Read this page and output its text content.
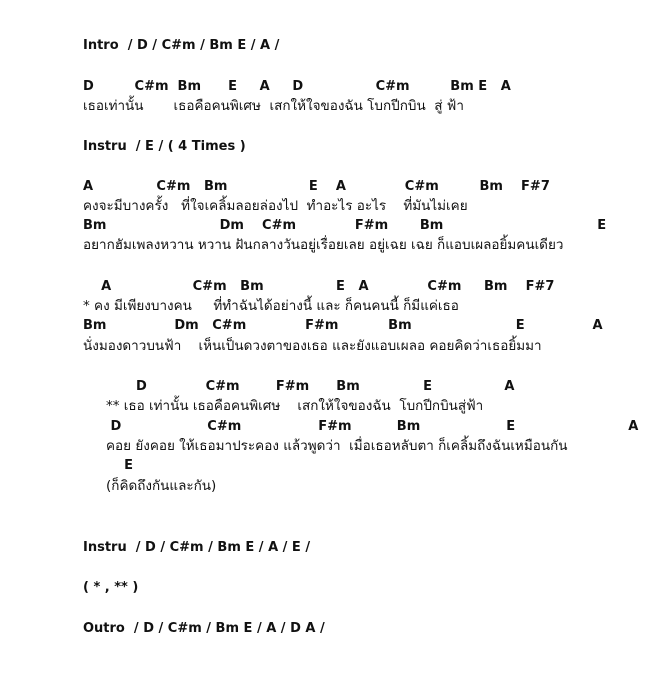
Intro  / D / C#m / Bm E / A /
D         C#m  Bm      E     A     D                C#m         Bm E   A
เธอเท่านั้น       เธอคือคนพิเศษ  เสกให้ใจของฉัน โบกปีกบิน  สู่ ฟ้า
Instru  / E / ( 4 Times )
A              C#m   Bm                  E    A             C#m         Bm    F#7
คงจะมีบางครั้ง   ที่ใจเคลิ้มลอยล่องไป  ทำอะไร อะไร    ที่มันไม่เคย
Bm                         Dm    C#m             F#m       Bm                                  E
อยากฮัมเพลงหวาน หวาน ฝันกลางวันอยู่เรื่อยเลย อยู่เฉย เฉย ก็แอบเผลอยิ้มคนเดียว
A                  C#m   Bm                E   A             C#m     Bm    F#7
* คง มีเพียงบางคน     ที่ทำฉันได้อย่างนี้ และ ก็คนคนนี้ ก็มีแค่เธอ
Bm               Dm   C#m             F#m           Bm                       E               A
นั่งมองดาวบนฟ้า    เห็นเป็นดวงตาของเธอ และยังแอบเผลอ คอยคิดว่าเธอยิ้มมา
D             C#m        F#m      Bm              E                A
** เธอ เท่านั้น เธอคือคนพิเศษ    เสกให้ใจของฉัน  โบกปีกบินสู่ฟ้า
D                   C#m                 F#m          Bm                   E                         A
คอย ยังคอย ให้เธอมาประคอง แล้วพูดว่า  เมื่อเธอหลับตา ก็เคลิ้มถึงฉันเหมือนกัน
E
(ก็คิดถึงกันและกัน)
Instru  / D / C#m / Bm E / A / E /
( * , ** )
Outro  / D / C#m / Bm E / A / D A /
